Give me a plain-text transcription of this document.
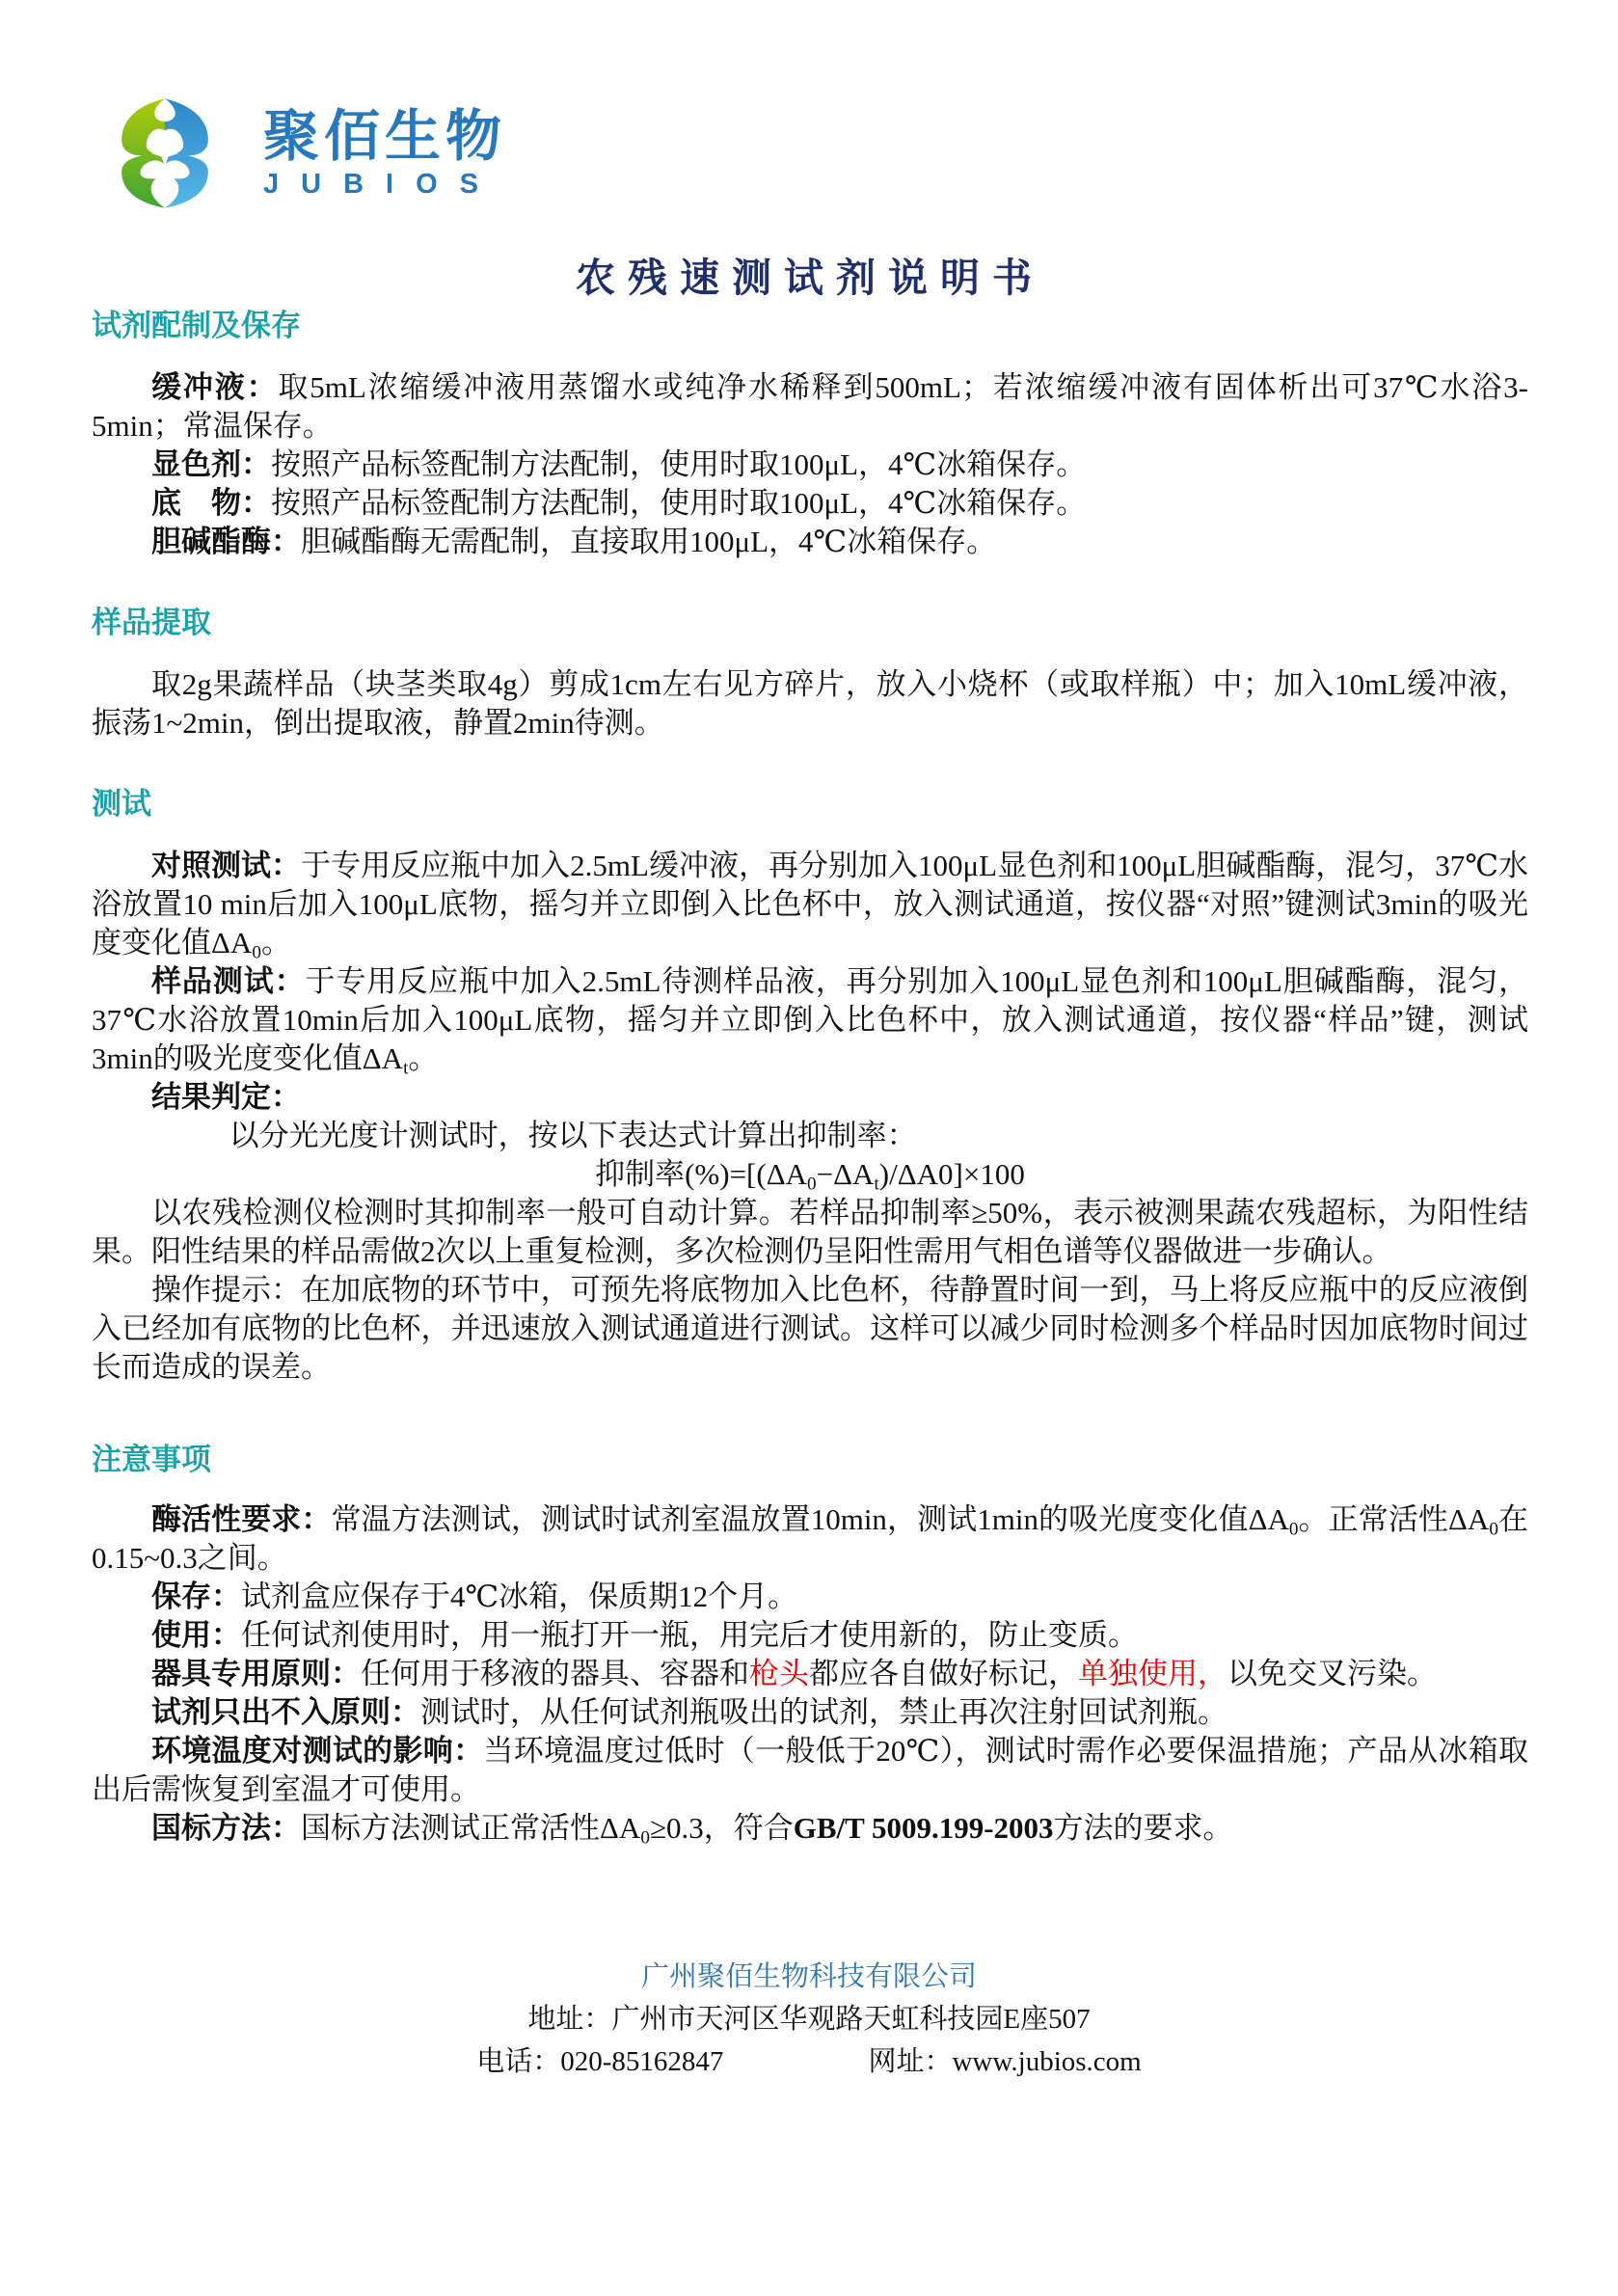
聚佰生物
JUBIOS
农残速测试剂说明书
试剂配制及保存

缓冲液：取5mL浓缩缓冲液用蒸馏水或纯净水稀释到500mL；若浓缩缓冲液有固体析出可37℃水浴3-5min；常温保存。

显色剂：按照产品标签配制方法配制，使用时取100μL，4℃冰箱保存。

底　物：按照产品标签配制方法配制，使用时取100μL，4℃冰箱保存。

胆碱酯酶：胆碱酯酶无需配制，直接取用100μL，4℃冰箱保存。

样品提取

取2g果蔬样品（块茎类取4g）剪成1cm左右见方碎片，放入小烧杯（或取样瓶）中；加入10mL缓冲液，振荡1~2min，倒出提取液，静置2min待测。

测试

对照测试：于专用反应瓶中加入2.5mL缓冲液，再分别加入100μL显色剂和100μL胆碱酯酶，混匀，37℃水浴放置10 min后加入100μL底物，摇匀并立即倒入比色杯中，放入测试通道，按仪器“对照”键测试3min的吸光度变化值ΔA0。

样品测试：于专用反应瓶中加入2.5mL待测样品液，再分别加入100μL显色剂和100μL胆碱酯酶，混匀，37℃水浴放置10min后加入100μL底物，摇匀并立即倒入比色杯中，放入测试通道，按仪器“样品”键，测试3min的吸光度变化值ΔAt。

结果判定：

以分光光度计测试时，按以下表达式计算出抑制率：

抑制率(%)=[(ΔA0−ΔAt)/ΔA0]×100

以农残检测仪检测时其抑制率一般可自动计算。若样品抑制率≥50%，表示被测果蔬农残超标，为阳性结果。阳性结果的样品需做2次以上重复检测，多次检测仍呈阳性需用气相色谱等仪器做进一步确认。

操作提示：在加底物的环节中，可预先将底物加入比色杯，待静置时间一到，马上将反应瓶中的反应液倒入已经加有底物的比色杯，并迅速放入测试通道进行测试。这样可以减少同时检测多个样品时因加底物时间过长而造成的误差。

注意事项

酶活性要求：常温方法测试，测试时试剂室温放置10min，测试1min的吸光度变化值ΔA0。正常活性ΔA0在0.15~0.3之间。

保存：试剂盒应保存于4℃冰箱，保质期12个月。

使用：任何试剂使用时，用一瓶打开一瓶，用完后才使用新的，防止变质。

器具专用原则：任何用于移液的器具、容器和枪头都应各自做好标记，单独使用，以免交叉污染。

试剂只出不入原则：测试时，从任何试剂瓶吸出的试剂，禁止再次注射回试剂瓶。

环境温度对测试的影响：当环境温度过低时（一般低于20℃），测试时需作必要保温措施；产品从冰箱取出后需恢复到室温才可使用。

国标方法：国标方法测试正常活性ΔA0≥0.3，符合GB/T 5009.199-2003方法的要求。

广州聚佰生物科技有限公司
地址：广州市天河区华观路天虹科技园E座507
电话：020-85162847	网址：www.jubios.com
